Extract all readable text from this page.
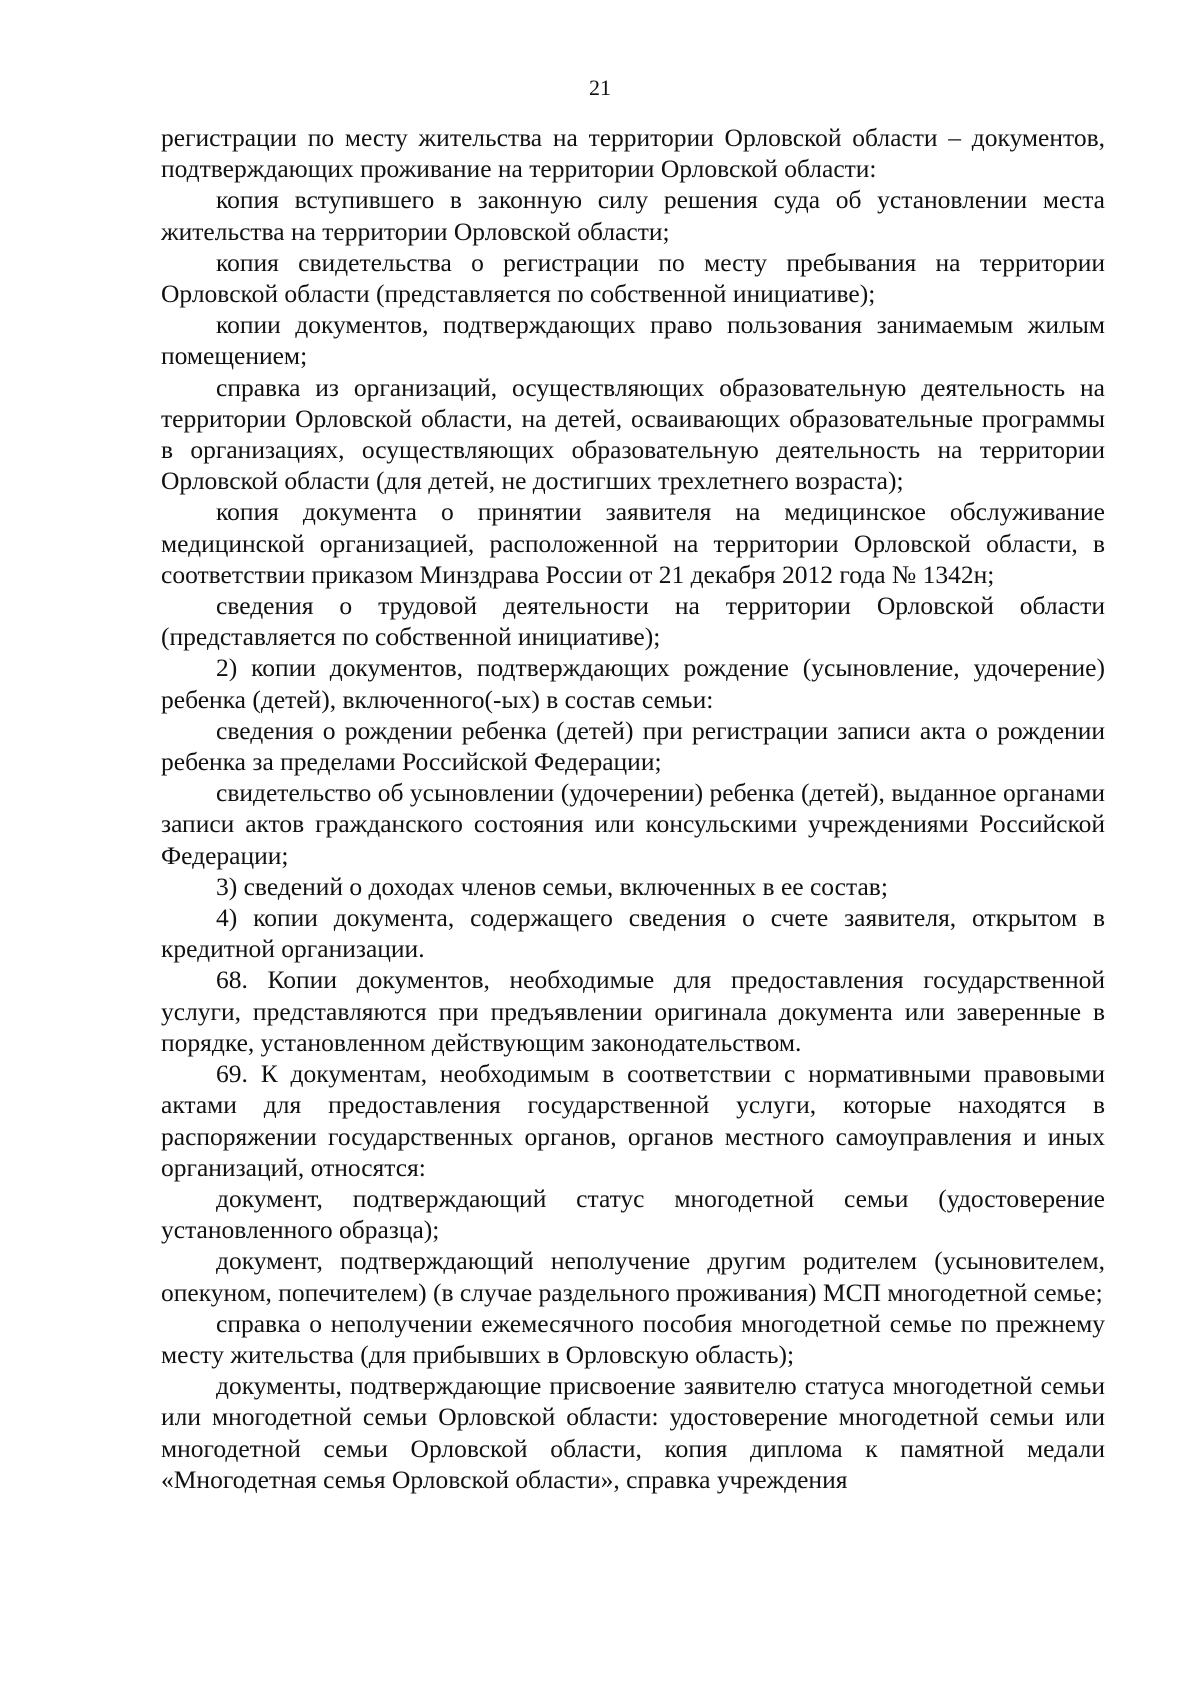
21

регистрации по месту жительства на территории Орловской области – документов, подтверждающих проживание на территории Орловской области:

копия вступившего в законную силу решения суда об установлении места жительства на территории Орловской области;

копия свидетельства о регистрации по месту пребывания на территории Орловской области (представляется по собственной инициативе);

копии документов, подтверждающих право пользования занимаемым жилым помещением;

справка из организаций, осуществляющих образовательную деятельность на территории Орловской области, на детей, осваивающих образовательные программы в организациях, осуществляющих образовательную деятельность на территории Орловской области (для детей, не достигших трехлетнего возраста);

копия документа о принятии заявителя на медицинское обслуживание медицинской организацией, расположенной на территории Орловской области, в соответствии приказом Минздрава России от 21 декабря 2012 года № 1342н;

сведения о трудовой деятельности на территории Орловской области (представляется по собственной инициативе);

2) копии документов, подтверждающих рождение (усыновление, удочерение) ребенка (детей), включенного(-ых) в состав семьи:

сведения о рождении ребенка (детей) при регистрации записи акта о рождении ребенка за пределами Российской Федерации;

свидетельство об усыновлении (удочерении) ребенка (детей), выданное органами записи актов гражданского состояния или консульскими учреждениями Российской Федерации;

3) сведений о доходах членов семьи, включенных в ее состав;

4) копии документа, содержащего сведения о счете заявителя, открытом в кредитной организации.

68. Копии документов, необходимые для предоставления государственной услуги, представляются при предъявлении оригинала документа или заверенные в порядке, установленном действующим законодательством.

69. К документам, необходимым в соответствии с нормативными правовыми актами для предоставления государственной услуги, которые находятся в распоряжении государственных органов, органов местного самоуправления и иных организаций, относятся:

документ, подтверждающий статус многодетной семьи (удостоверение установленного образца);

документ, подтверждающий неполучение другим родителем (усыновителем, опекуном, попечителем) (в случае раздельного проживания) МСП многодетной семье;

справка о неполучении ежемесячного пособия многодетной семье по прежнему месту жительства (для прибывших в Орловскую область);

документы, подтверждающие присвоение заявителю статуса многодетной семьи или многодетной семьи Орловской области: удостоверение многодетной семьи или многодетной семьи Орловской области, копия диплома к памятной медали «Многодетная семья Орловской области», справка учреждения
